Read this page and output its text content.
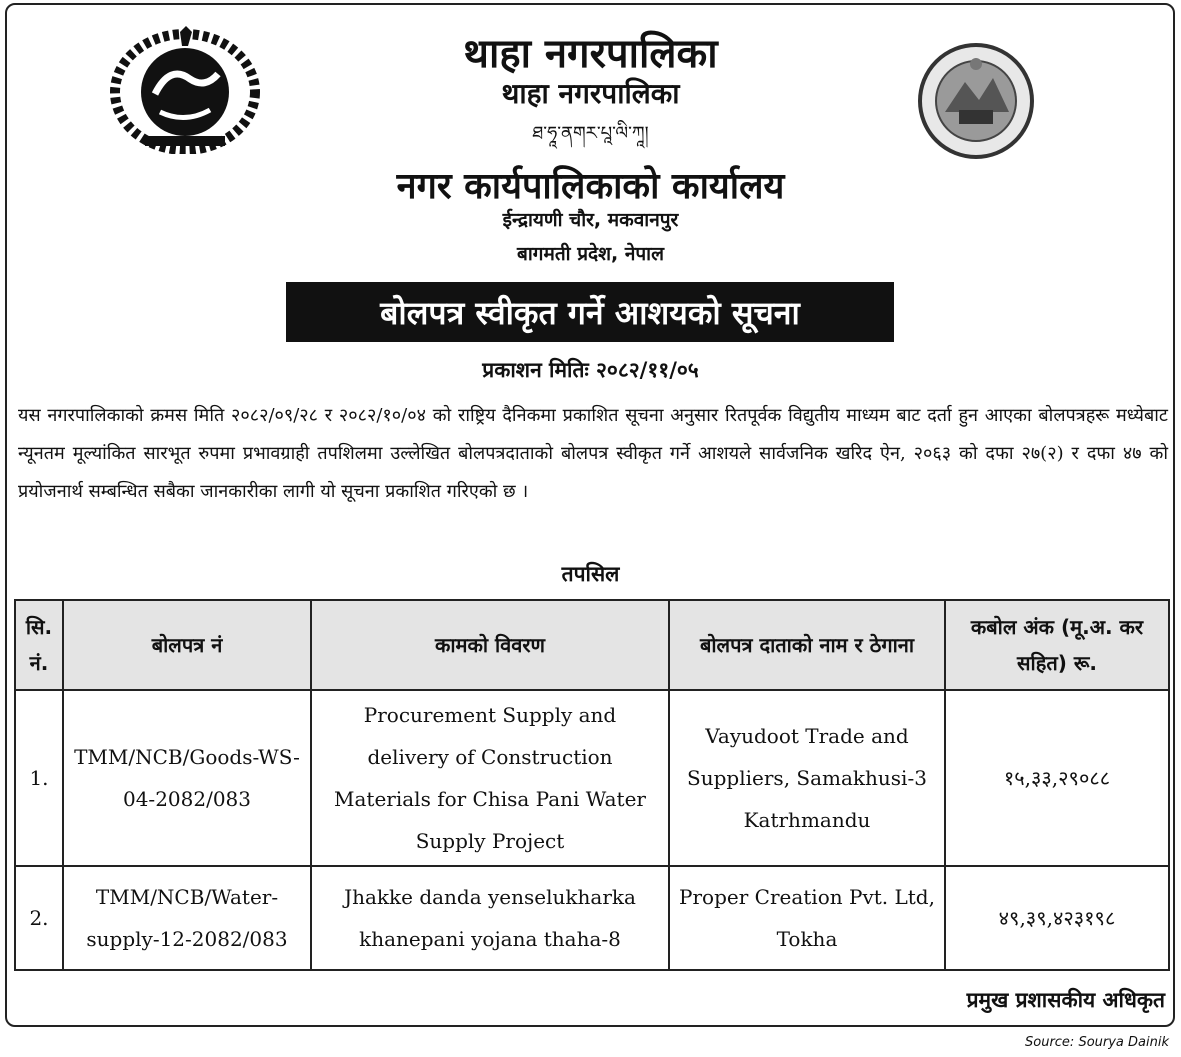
थाहा नगरपालिका
थाहा नगरपालिका
ཐ་ཧཱ་ནགར་པཱ་ལི་ཀཱ།
नगर कार्यपालिकाको कार्यालय
ईन्द्रायणी चौर, मकवानपुर
बागमती प्रदेश, नेपाल
बोलपत्र स्वीकृत गर्ने आशयको सूचना
प्रकाशन मितिः २०८२/११/०५
यस नगरपालिकाको क्रमस मिति २०८२/०९/२८ र २०८२/१०/०४ को राष्ट्रिय दैनिकमा प्रकाशित सूचना अनुसार रितपूर्वक विद्युतीय माध्यम बाट दर्ता हुन आएका बोलपत्रहरू मध्येबाट न्यूनतम मूल्यांकित सारभूत रुपमा प्रभावग्राही तपशिलमा उल्लेखित बोलपत्रदाताको बोलपत्र स्वीकृत गर्ने आशयले सार्वजनिक खरिद ऐन, २०६३ को दफा २७(२) र दफा ४७ को प्रयोजनार्थ सम्बन्धित सबैका जानकारीका लागी यो सूचना प्रकाशित गरिएको छ ।
तपसिल
सि. नं.	बोलपत्र नं	कामको विवरण	बोलपत्र दाताको नाम र ठेगाना	कबोल अंक (मू.अ. कर सहित) रू.
1.	TMM/NCB/Goods-WS-04-2082/083	Procurement Supply and delivery of Construction Materials for Chisa Pani Water Supply Project	Vayudoot Trade and Suppliers, Samakhusi-3 Katrhmandu	१५,३३,२९०८८
2.	TMM/NCB/Water-supply-12-2082/083	Jhakke danda yenselukharka khanepani yojana thaha-8	Proper Creation Pvt. Ltd, Tokha	४९,३९,४२३१९८
प्रमुख प्रशासकीय अधिकृत
Source: Sourya Dainik
